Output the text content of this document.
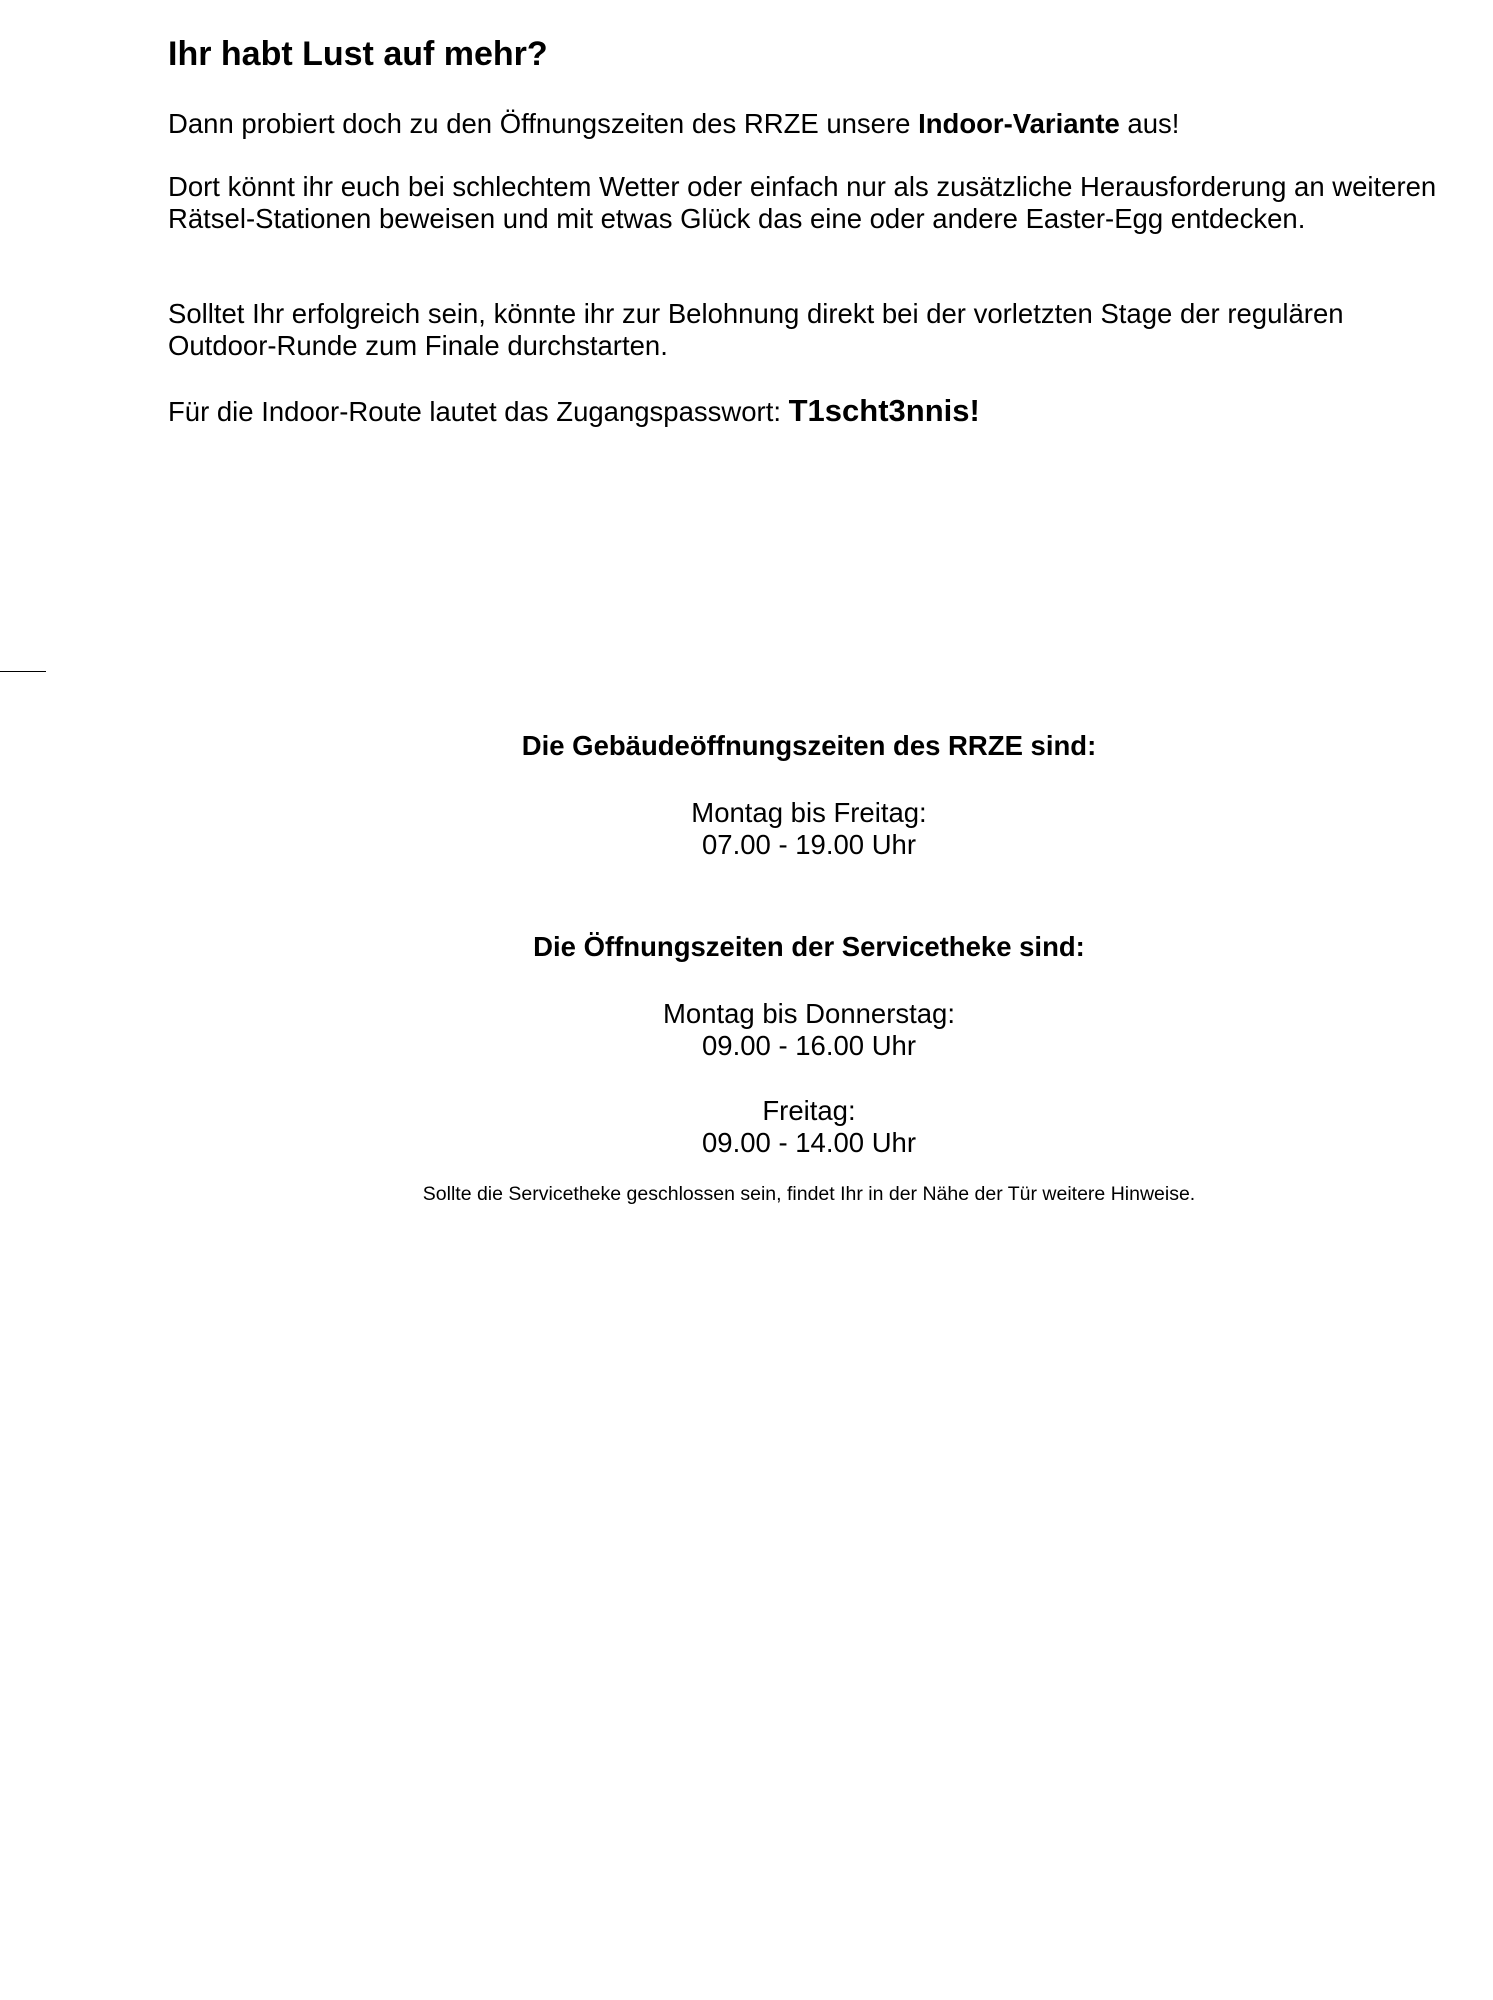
Ihr habt Lust auf mehr?

Dann probiert doch zu den Öffnungszeiten des RRZE unsere Indoor-Variante aus!

Dort könnt ihr euch bei schlechtem Wetter oder einfach nur als zusätzliche Herausforderung an weiteren Rätsel-Stationen beweisen und mit etwas Glück das eine oder andere Easter-Egg entdecken.

Solltet Ihr erfolgreich sein, könnte ihr zur Belohnung direkt bei der vorletzten Stage der regulären Outdoor-Runde zum Finale durchstarten.

Für die Indoor-Route lautet das Zugangspasswort: T1scht3nnis!

Die Gebäudeöffnungszeiten des RRZE sind:
Montag bis Freitag:
07.00 - 19.00 Uhr
Die Öffnungszeiten der Servicetheke sind:
Montag bis Donnerstag:
09.00 - 16.00 Uhr
Freitag:
09.00 - 14.00 Uhr
Sollte die Servicetheke geschlossen sein, findet Ihr in der Nähe der Tür weitere Hinweise.
